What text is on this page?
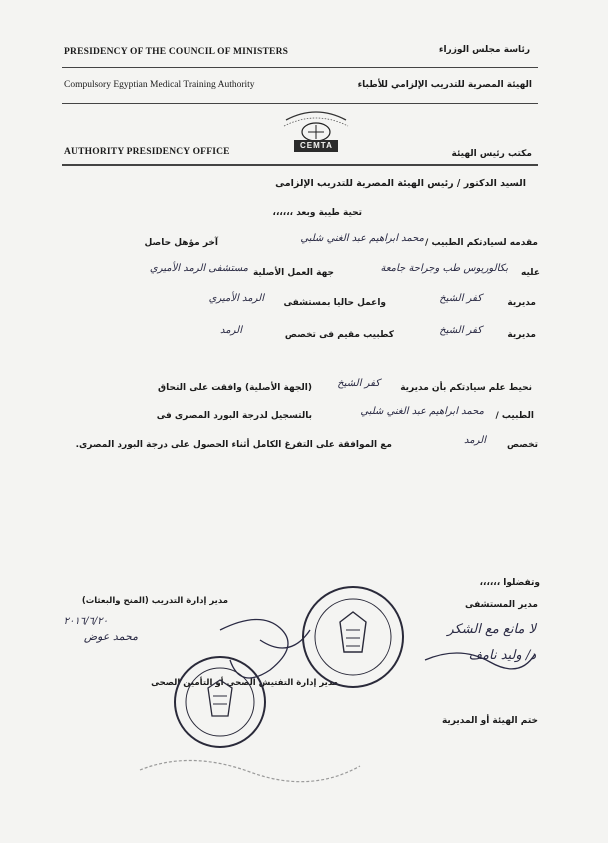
PRESIDENCY OF THE COUNCIL OF MINISTERS
Compulsory Egyptian Medical Training Authority
AUTHORITY PRESIDENCY OFFICE
رئاسة مجلس الوزراء
الهيئة المصرية للتدريب الإلزامي للأطباء
مكتب رئيس الهيئة
CEMTA
السيد الدكتور / رئيس الهيئة المصرية للتدريب الإلزامى
تحية طيبة وبعد ،،،،،،
مقدمه لسيادتكم الطبيب /
محمد ابراهيم عبد الغني شلبي
آخر مؤهل حاصل
عليه
بكالوريوس طب وجراحة جامعة
جهة العمل الأصلية
مستشفى الرمد الأميري
مديرية
كفر الشيخ
واعمل حاليا بمستشفى
الرمد الأميري
مديرية
كفر الشيخ
كطبيب مقيم فى تخصص
الرمد
نحيط علم سيادتكم بأن مديرية
كفر الشيخ
(الجهة الأصلية) وافقت على التحاق
الطبيب /
محمد ابراهيم عبد الغني شلبي
بالتسجيل لدرجة البورد المصرى فى
تخصص
الرمد
مع الموافقة على التفرغ الكامل أثناء الحصول على درجة البورد المصرى.
وتفضلوا ،،،،،،
مدير المستشفى
مدير إدارة التدريب (المنح والبعثات)
لا مانع مع الشكر
د/ وليد نامف
محمد عوض
٢٠١٦/٦/٢٠
مدير إدارة التفتيش الصحى أو التأمين الصحى
ختم الهيئة أو المديرية
